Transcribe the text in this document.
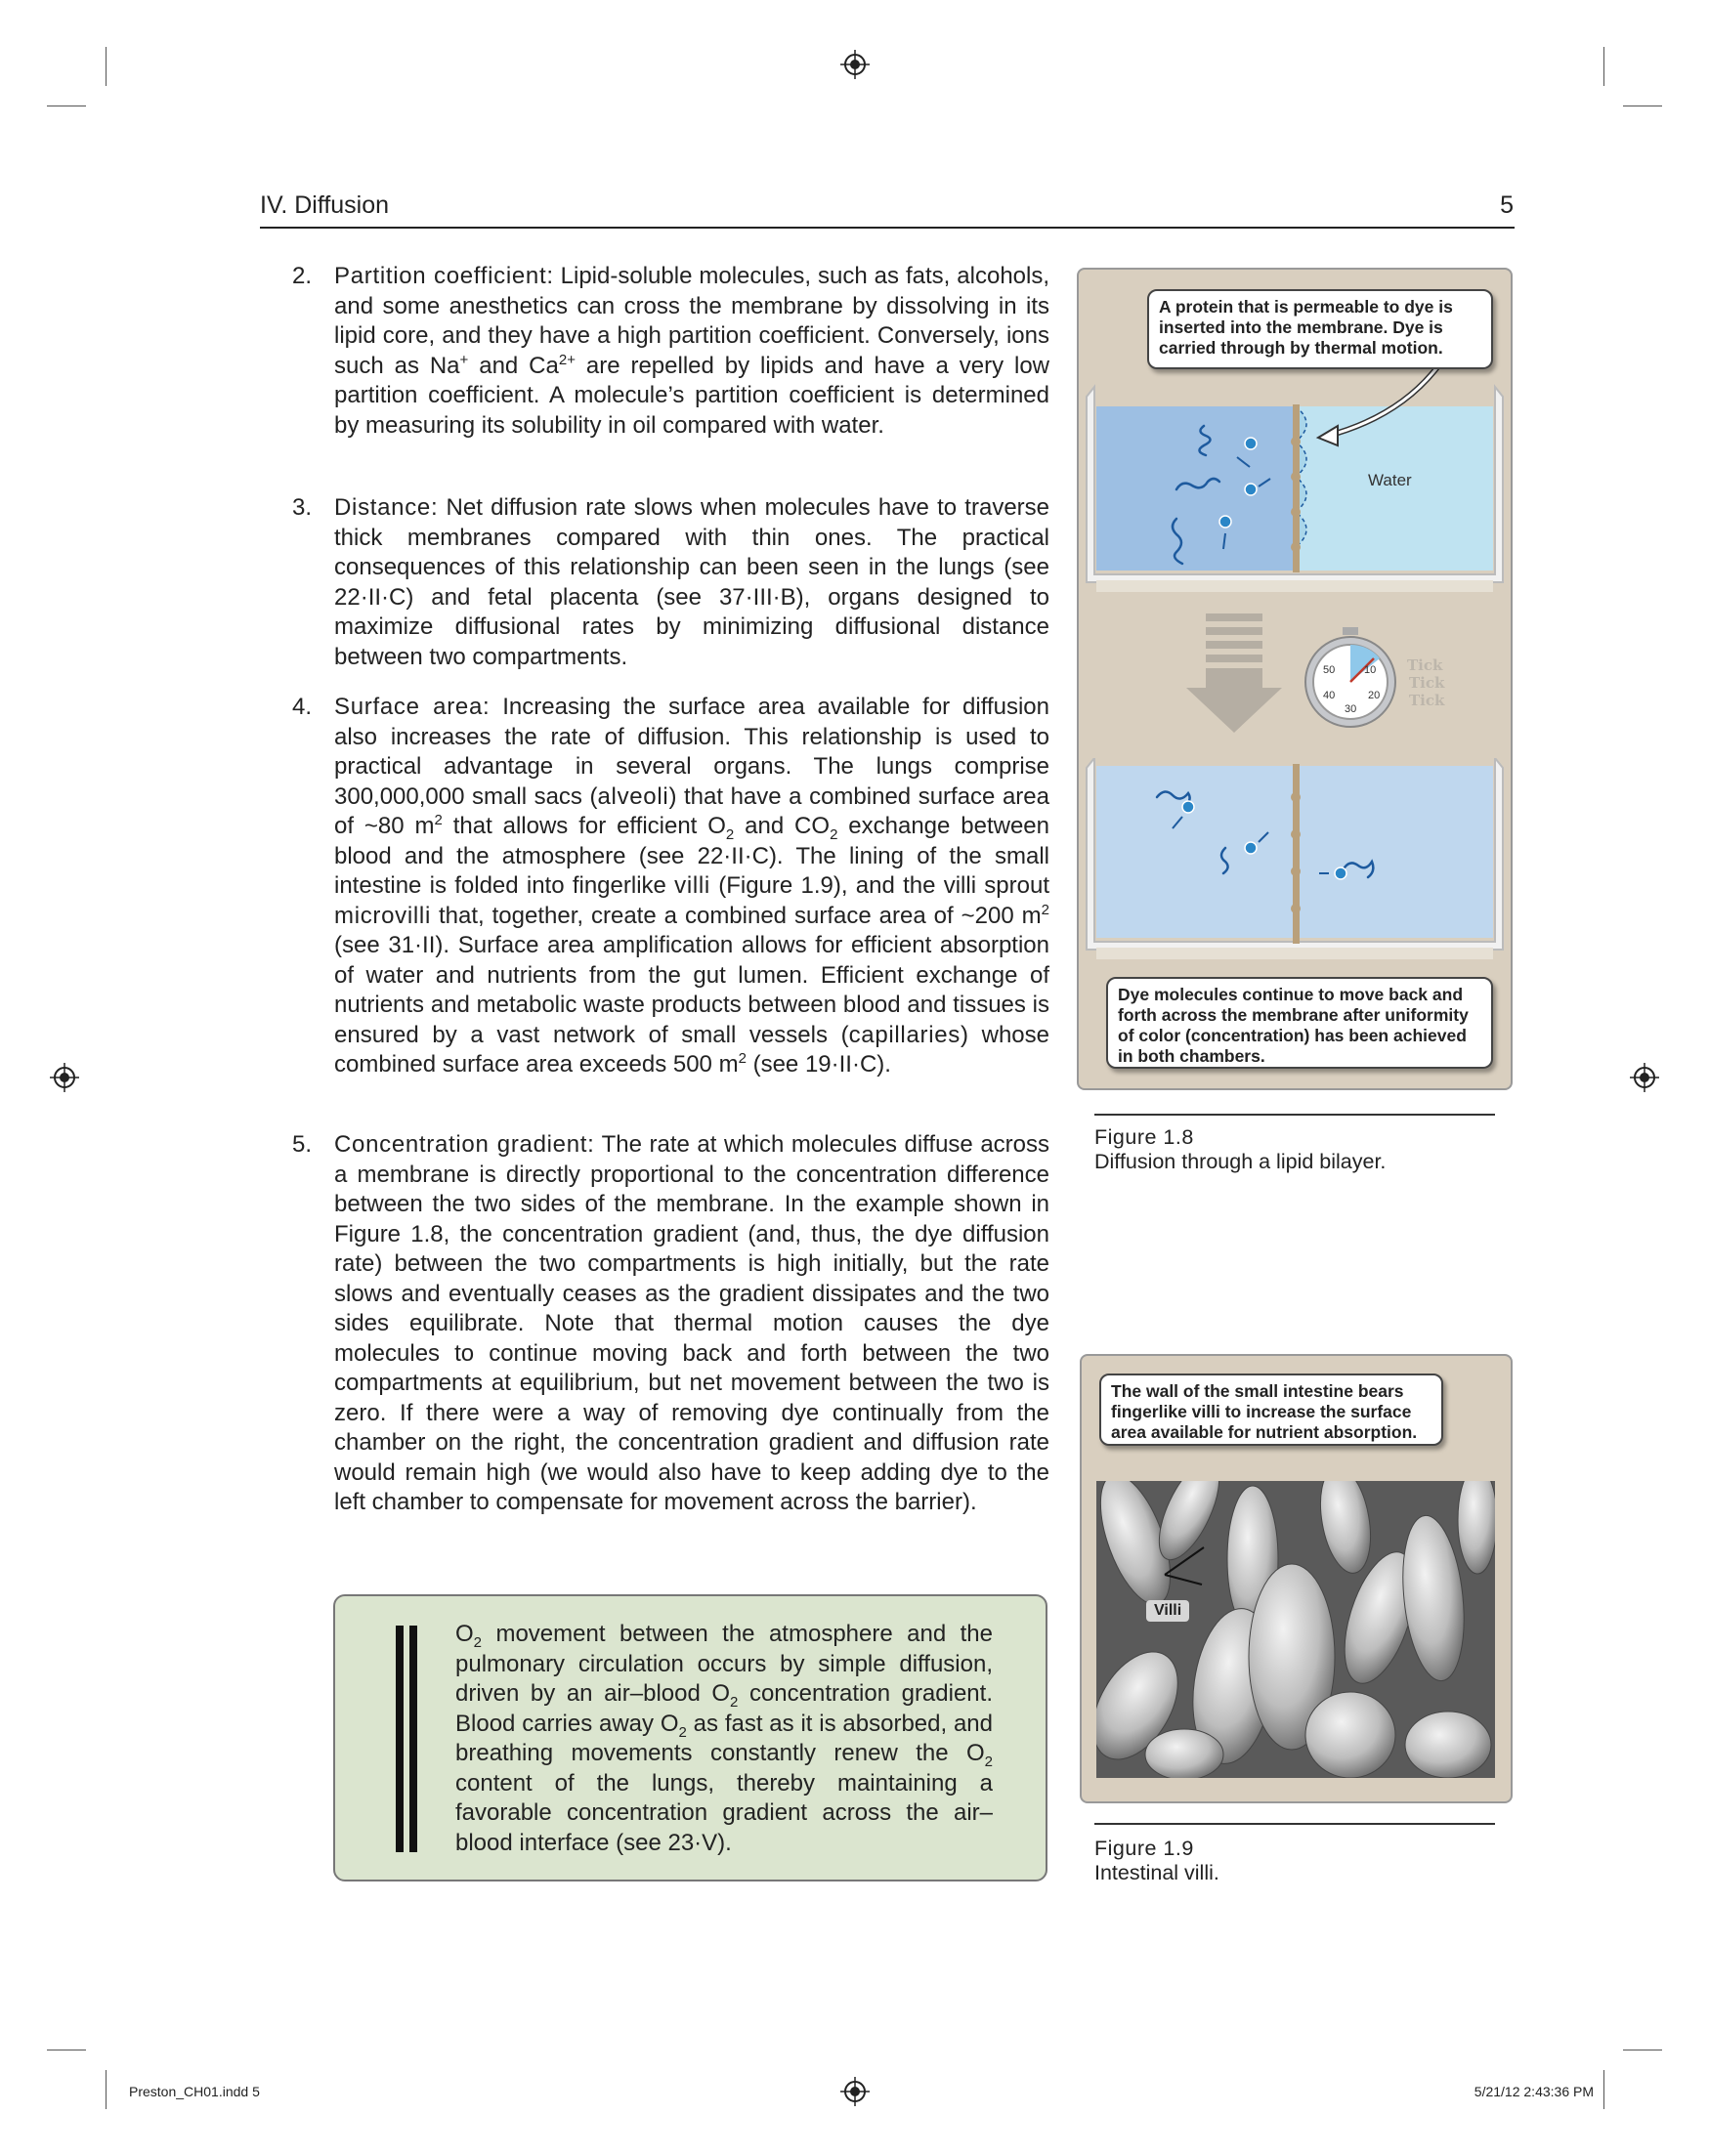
IV. Diffusion	5
2. Partition coefficient: Lipid-soluble molecules, such as fats, alcohols, and some anesthetics can cross the membrane by dissolving in its lipid core, and they have a high partition coefficient. Conversely, ions such as Na+ and $Ca^{2+}$ are repelled by lipids and have a very low partition coefficient. A molecule’s partition coefficient is determined by measuring its solubility in oil compared with water.
3. Distance: Net diffusion rate slows when molecules have to traverse thick membranes compared with thin ones. The practical consequences of this relationship can been seen in the lungs (see 22·II·C) and fetal placenta (see 37·III·B), organs designed to maximize diffusional rates by minimizing diffusional distance between two compartments.
4. Surface area: Increasing the surface area available for diffusion also increases the rate of diffusion. This relationship is used to practical advantage in several organs. The lungs comprise 300,000,000 small sacs (alveoli) that have a combined surface area of ~80 $m^2$ that allows for efficient $O_2$ and $CO_2$ exchange between blood and the atmosphere (see 22·II·C). The lining of the small intestine is folded into fingerlike villi (Figure 1.9), and the villi sprout microvilli that, together, create a combined surface area of ~200 $m^2$ (see 31·II). Surface area amplification allows for efficient absorption of water and nutrients from the gut lumen. Efficient exchange of nutrients and metabolic waste products between blood and tissues is ensured by a vast network of small vessels (capillaries) whose combined surface area exceeds 500 $m^2$ (see 19·II·C).
5. Concentration gradient: The rate at which molecules diffuse across a membrane is directly proportional to the concentration difference between the two sides of the membrane. In the example shown in Figure 1.8, the concentration gradient (and, thus, the dye diffusion rate) between the two compartments is high initially, but the rate slows and eventually ceases as the gradient dissipates and the two sides equilibrate. Note that thermal motion causes the dye molecules to continue moving back and forth between the two compartments at equilibrium, but net movement between the two is zero. If there were a way of removing dye continually from the chamber on the right, the concentration gradient and diffusion rate would remain high (we would also have to keep adding dye to the left chamber to compensate for movement across the barrier).
$O_2$ movement between the atmosphere and the pulmonary circulation occurs by simple diffusion, driven by an air–blood $O_2$ concentration gradient. Blood carries away $O_2$ as fast as it is absorbed, and breathing movements constantly renew the $O_2$ content of the lungs, thereby maintaining a favorable concentration gradient across the air–blood interface (see 23·V).
A protein that is permeable to dye is inserted into the membrane. Dye is carried through by thermal motion.
Water
50	10
40	20
30
Tick
Tick
Tick
Dye molecules continue to move back and forth across the membrane after uniformity of color (concentration) has been achieved in both chambers.
Figure 1.8
Diffusion through a lipid bilayer.
The wall of the small intestine bears fingerlike villi to increase the surface area available for nutrient absorption.
Villi
Figure 1.9
Intestinal villi.
Preston_CH01.indd 5	5/21/12 2:43:36 PM
